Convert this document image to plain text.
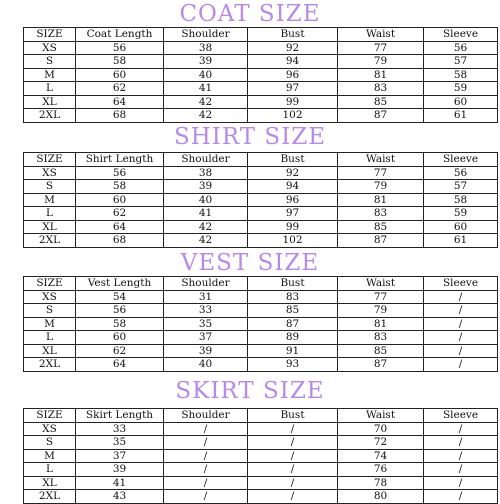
COAT SIZE
SIZE	Coat Length	Shoulder	Bust	Waist	Sleeve
XS	56	38	92	77	56
S	58	39	94	79	57
M	60	40	96	81	58
L	62	41	97	83	59
XL	64	42	99	85	60
2XL	68	42	102	87	61
SHIRT SIZE
SIZE	Shirt Length	Shoulder	Bust	Waist	Sleeve
XS	56	38	92	77	56
S	58	39	94	79	57
M	60	40	96	81	58
L	62	41	97	83	59
XL	64	42	99	85	60
2XL	68	42	102	87	61
VEST SIZE
SIZE	Vest Length	Shoulder	Bust	Waist	Sleeve
XS	54	31	83	77	/
S	56	33	85	79	/
M	58	35	87	81	/
L	60	37	89	83	/
XL	62	39	91	85	/
2XL	64	40	93	87	/
SKIRT SIZE
SIZE	Skirt Length	Shoulder	Bust	Waist	Sleeve
XS	33	/	/	70	/
S	35	/	/	72	/
M	37	/	/	74	/
L	39	/	/	76	/
XL	41	/	/	78	/
2XL	43	/	/	80	/
